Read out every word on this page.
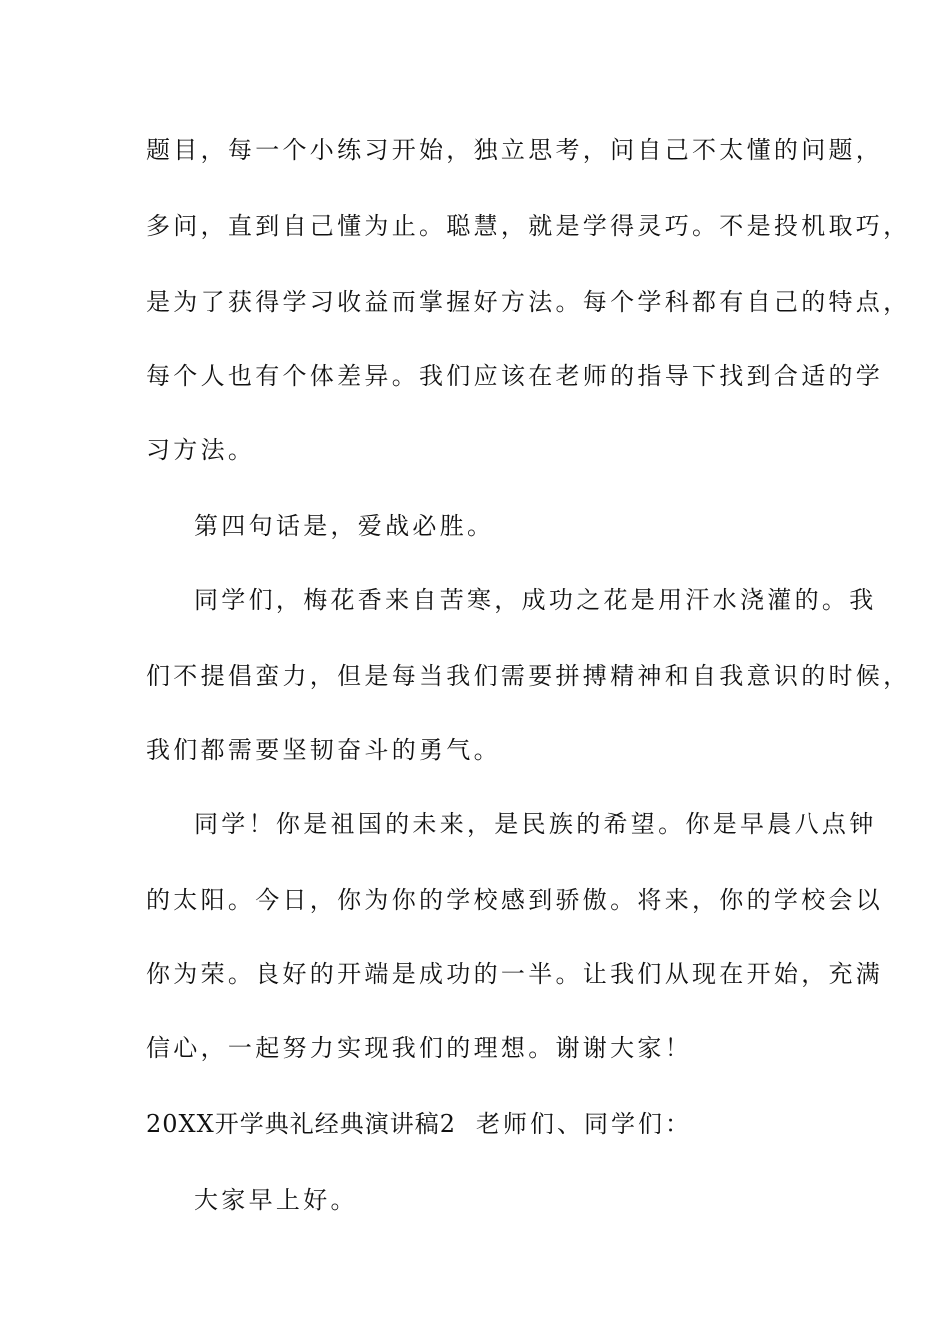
题目，每一个小练习开始，独立思考，问自己不太懂的问题，
多问，直到自己懂为止。聪慧，就是学得灵巧。不是投机取巧，
是为了获得学习收益而掌握好方法。每个学科都有自己的特点，
每个人也有个体差异。我们应该在老师的指导下找到合适的学
习方法。
第四句话是，爱战必胜。
同学们，梅花香来自苦寒，成功之花是用汗水浇灌的。我
们不提倡蛮力，但是每当我们需要拼搏精神和自我意识的时候，
我们都需要坚韧奋斗的勇气。
同学！你是祖国的未来，是民族的希望。你是早晨八点钟
的太阳。今日，你为你的学校感到骄傲。将来，你的学校会以
你为荣。良好的开端是成功的一半。让我们从现在开始，充满
信心，一起努力实现我们的理想。谢谢大家！
20XX开学典礼经典演讲稿2 老师们、同学们：
大家早上好。
